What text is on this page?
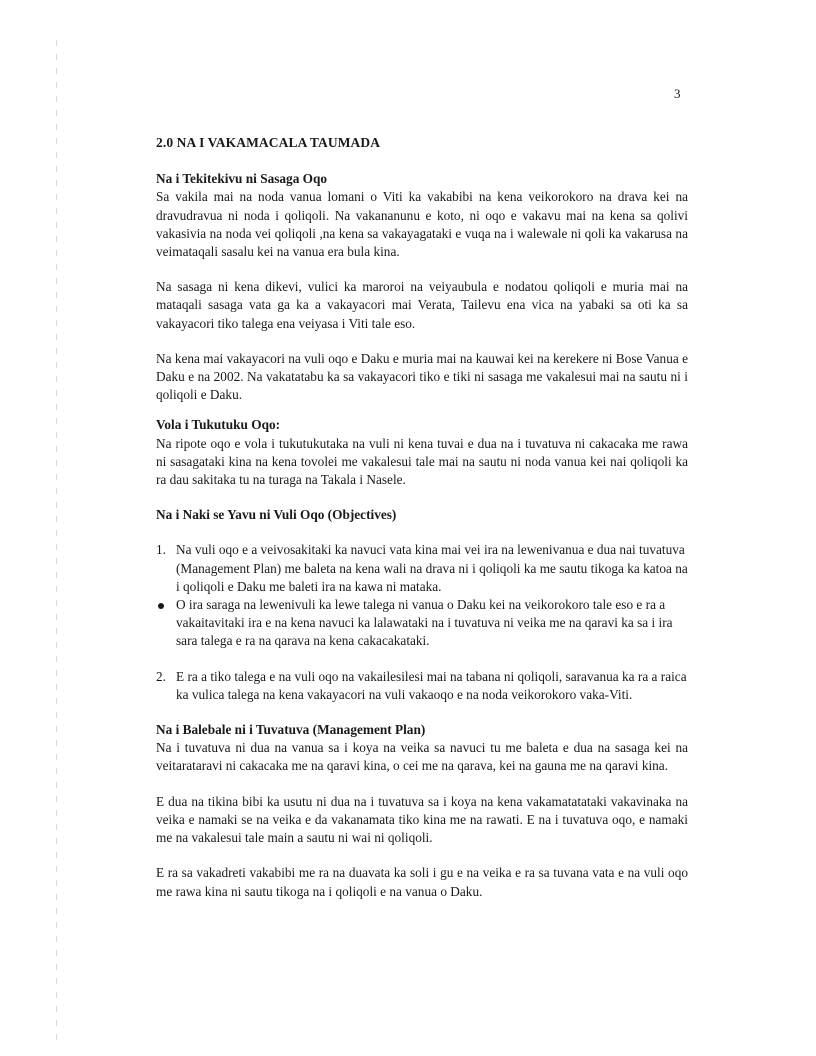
3
2.0 NA I VAKAMACALA TAUMADA
Na i Tekitekivu ni Sasaga Oqo

Sa vakila mai na noda vanua lomani o Viti ka vakabibi na kena veikorokoro na drava kei na dravudravua ni noda i qoliqoli. Na vakananunu e koto, ni oqo e vakavu mai na kena sa qolivi vakasivia na noda vei qoliqoli ,na kena sa vakayagataki e vuqa na i walewale ni qoli ka vakarusa na veimataqali sasalu kei na vanua era bula kina.

Na sasaga ni kena dikevi, vulici ka maroroi na veiyaubula e nodatou qoliqoli e muria mai na mataqali sasaga vata ga ka a vakayacori mai Verata, Tailevu ena vica na yabaki sa oti ka sa vakayacori tiko talega ena veiyasa i Viti tale eso.

Na kena mai vakayacori na vuli oqo e Daku e muria mai na kauwai kei na kerekere ni Bose Vanua e Daku e na 2002. Na vakatatabu ka sa vakayacori tiko e tiki ni sasaga me vakalesui mai na sautu ni i qoliqoli e Daku.

Vola i Tukutuku Oqo:

Na ripote oqo e vola i tukutukutaka na vuli ni kena tuvai e dua na i tuvatuva ni cakacaka me rawa ni sasagataki kina na kena tovolei me vakalesui tale mai na sautu ni noda vanua kei nai qoliqoli ka ra dau sakitaka tu na turaga na Takala i Nasele.

Na i Naki se Yavu ni Vuli Oqo (Objectives)
1. Na vuli oqo e a veivosakitaki ka navuci vata kina mai vei ira na lewenivanua e dua nai tuvatuva (Management Plan) me baleta na kena wali na drava ni i qoliqoli ka me sautu tikoga ka katoa na i qoliqoli e Daku me baleti ira na kawa ni mataka.
O ira saraga na lewenivuli ka lewe talega ni vanua o Daku kei na veikorokoro tale eso e ra a vakaitavitaki ira e na kena navuci ka lalawataki na i tuvatuva ni veika me na qaravi ka sa i ira sara talega e ra na qarava na kena cakacakataki.
2. E ra a tiko talega e na vuli oqo na vakailesilesi mai na tabana ni qoliqoli, saravanua ka ra a raica ka vulica talega na kena vakayacori na vuli vakaoqo e na noda veikorokoro vaka-Viti.
Na i Balebale ni i Tuvatuva (Management Plan)

Na i tuvatuva ni dua na vanua sa i koya na veika sa navuci tu me baleta e dua na sasaga kei na veitarataravi ni cakacaka me na qaravi kina, o cei me na qarava, kei na gauna me na qaravi kina.

E dua na tikina bibi ka usutu ni dua na i tuvatuva sa i koya na kena vakamatatataki vakavinaka na veika e namaki se na veika e da vakanamata tiko kina me na rawati. E na i tuvatuva oqo, e namaki me na vakalesui tale main a sautu ni wai ni qoliqoli.

E ra sa vakadreti vakabibi me ra na duavata ka soli i gu e na veika e ra sa tuvana vata e na vuli oqo me rawa kina ni sautu tikoga na i qoliqoli e na vanua o Daku.
